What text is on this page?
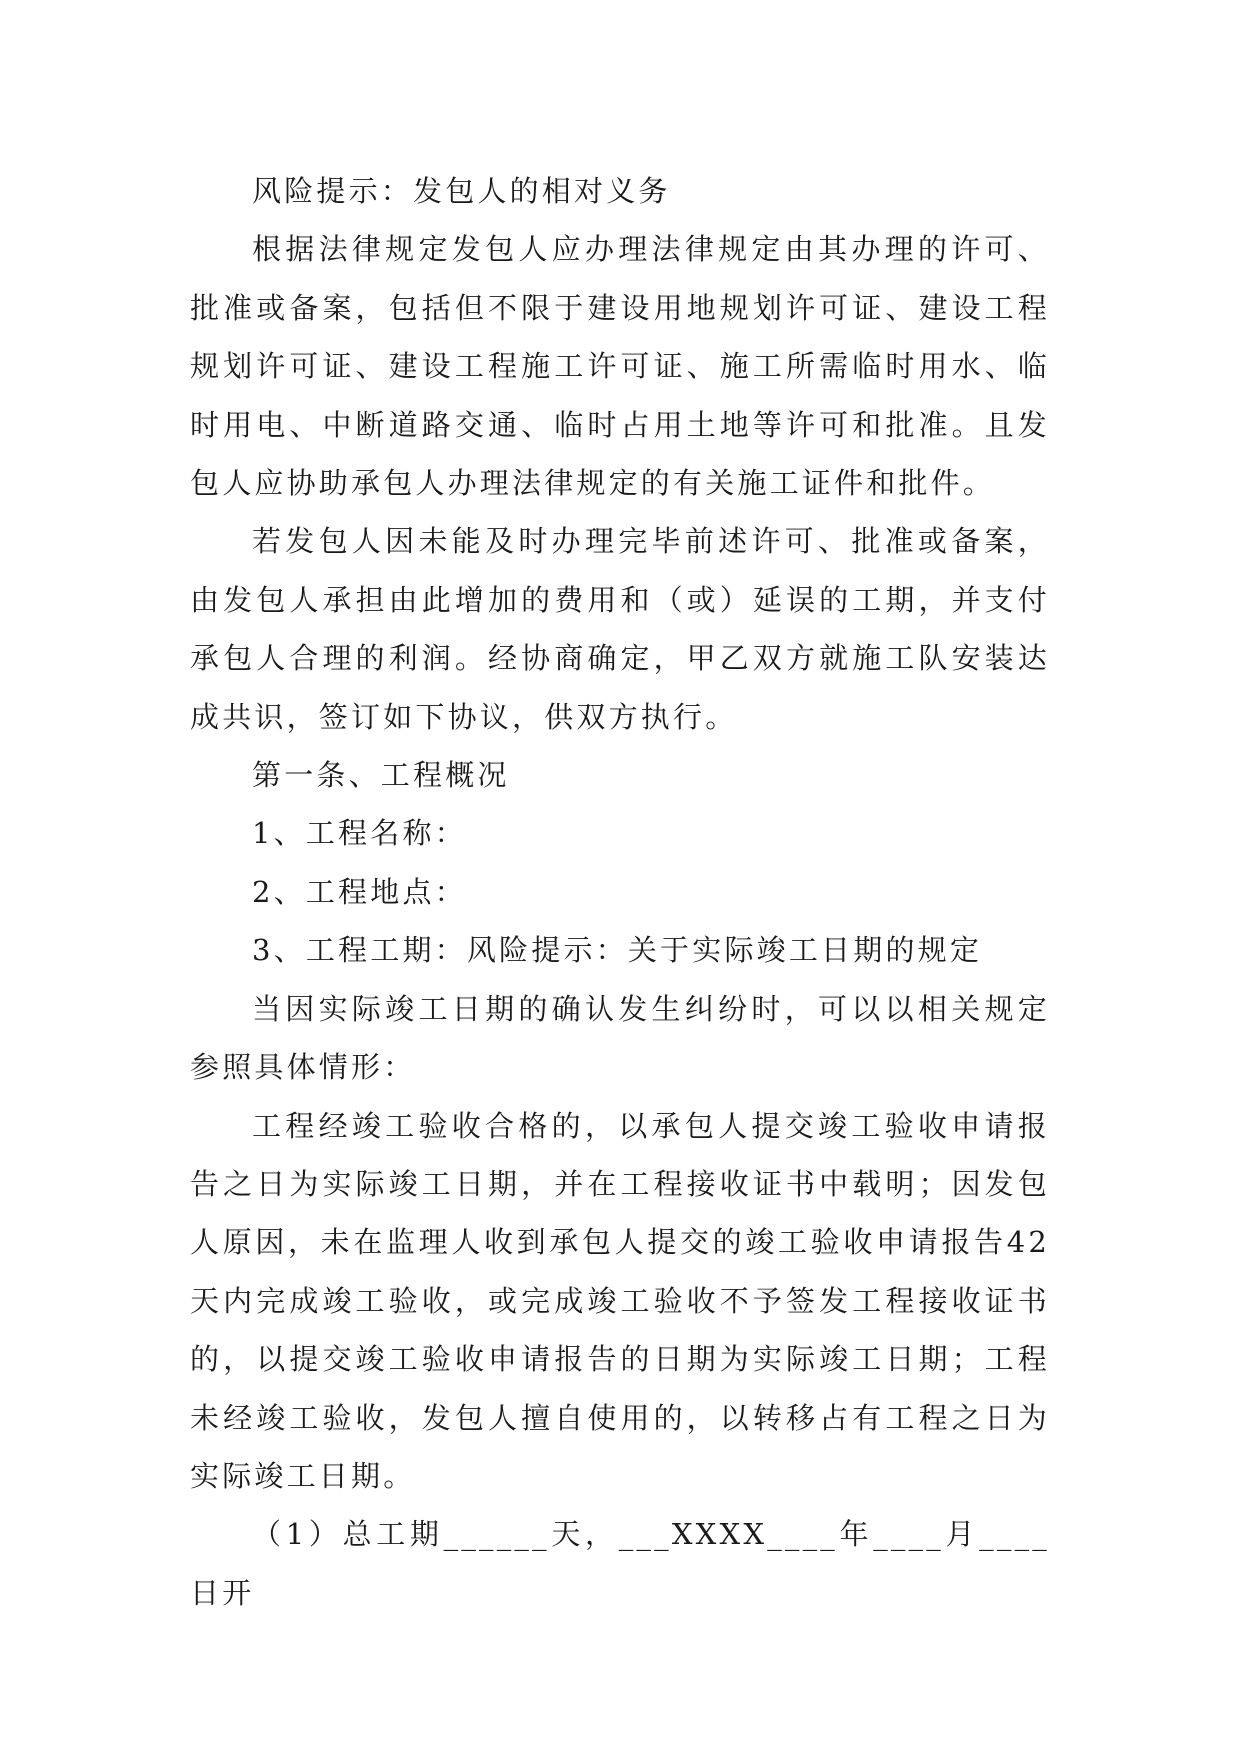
风险提示：发包人的相对义务

根据法律规定发包人应办理法律规定由其办理的许可、批准或备案，包括但不限于建设用地规划许可证、建设工程规划许可证、建设工程施工许可证、施工所需临时用水、临时用电、中断道路交通、临时占用土地等许可和批准。且发包人应协助承包人办理法律规定的有关施工证件和批件。

若发包人因未能及时办理完毕前述许可、批准或备案，由发包人承担由此增加的费用和（或）延误的工期，并支付承包人合理的利润。经协商确定，甲乙双方就施工队安装达成共识，签订如下协议，供双方执行。

第一条、工程概况

1、工程名称：

2、工程地点：

3、工程工期：风险提示：关于实际竣工日期的规定

当因实际竣工日期的确认发生纠纷时，可以以相关规定参照具体情形：

工程经竣工验收合格的，以承包人提交竣工验收申请报告之日为实际竣工日期，并在工程接收证书中载明；因发包人原因，未在监理人收到承包人提交的竣工验收申请报告42天内完成竣工验收，或完成竣工验收不予签发工程接收证书的，以提交竣工验收申请报告的日期为实际竣工日期；工程未经竣工验收，发包人擅自使用的，以转移占有工程之日为实际竣工日期。

（1）总工期______天，___XXXX____年____月____日开
